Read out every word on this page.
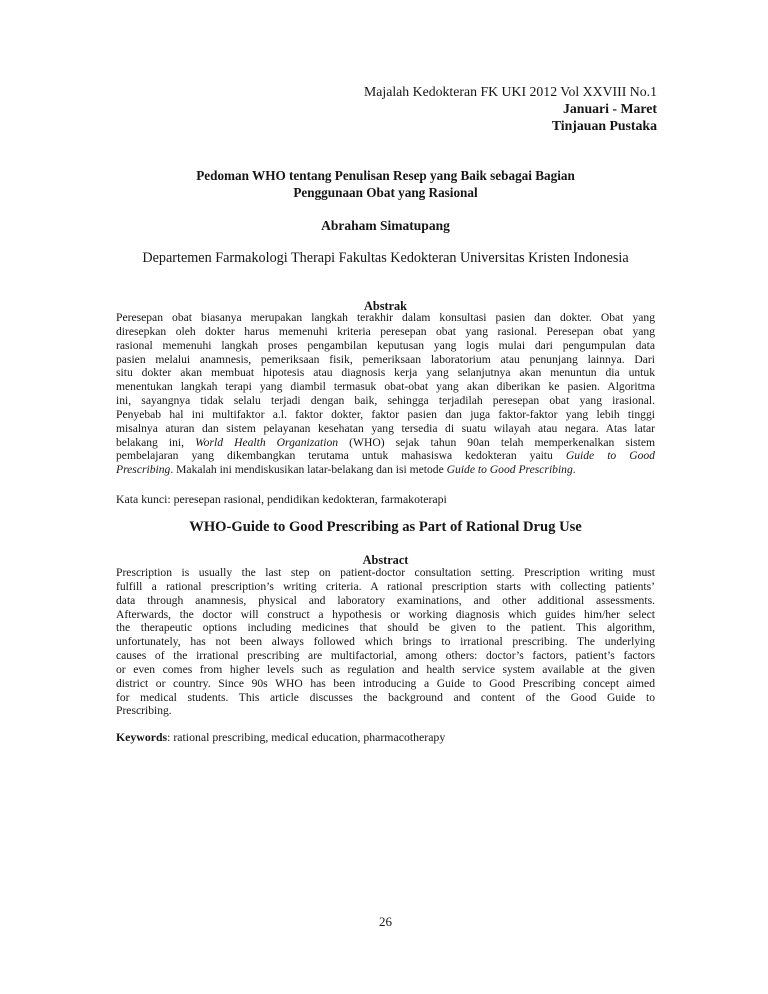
Majalah Kedokteran FK UKI 2012 Vol XXVIII No.1
Januari - Maret
Tinjauan Pustaka
Pedoman WHO tentang Penulisan Resep yang Baik sebagai Bagian
Penggunaan Obat yang Rasional
Abraham Simatupang
Departemen Farmakologi Therapi Fakultas Kedokteran Universitas Kristen Indonesia
Abstrak
Peresepan obat biasanya merupakan langkah terakhir dalam konsultasi pasien dan dokter. Obat yang
diresepkan oleh dokter harus memenuhi kriteria peresepan obat yang rasional. Peresepan obat yang
rasional memenuhi langkah proses pengambilan keputusan yang logis mulai dari pengumpulan data
pasien melalui anamnesis, pemeriksaan fisik, pemeriksaan laboratorium atau penunjang lainnya. Dari
situ dokter akan membuat hipotesis atau diagnosis kerja yang selanjutnya akan menuntun dia untuk
menentukan langkah terapi yang diambil termasuk obat-obat yang akan diberikan ke pasien. Algoritma
ini, sayangnya tidak selalu terjadi dengan baik, sehingga terjadilah peresepan obat yang irasional.
Penyebab hal ini multifaktor a.l. faktor dokter, faktor pasien dan juga faktor-faktor yang lebih tinggi
misalnya aturan dan sistem pelayanan kesehatan yang tersedia di suatu wilayah atau negara. Atas latar
belakang ini, World Health Organization (WHO) sejak tahun 90an telah memperkenalkan sistem
pembelajaran yang dikembangkan terutama untuk mahasiswa kedokteran yaitu Guide to Good
Prescribing. Makalah ini mendiskusikan latar-belakang dan isi metode Guide to Good Prescribing.
Kata kunci: peresepan rasional, pendidikan kedokteran, farmakoterapi
WHO-Guide to Good Prescribing as Part of Rational Drug Use
Abstract
Prescription is usually the last step on patient-doctor consultation setting. Prescription writing must
fulfill a rational prescription’s writing criteria. A rational prescription starts with collecting patients’
data through anamnesis, physical and laboratory examinations, and other additional assessments.
Afterwards, the doctor will construct a hypothesis or working diagnosis which guides him/her select
the therapeutic options including medicines that should be given to the patient. This algorithm,
unfortunately, has not been always followed which brings to irrational prescribing. The underlying
causes of the irrational prescribing are multifactorial, among others: doctor’s factors, patient’s factors
or even comes from higher levels such as regulation and health service system available at the given
district or country. Since 90s WHO has been introducing a Guide to Good Prescribing concept aimed
for medical students. This article discusses the background and content of the Good Guide to
Prescribing.
Keywords: rational prescribing, medical education, pharmacotherapy
26
